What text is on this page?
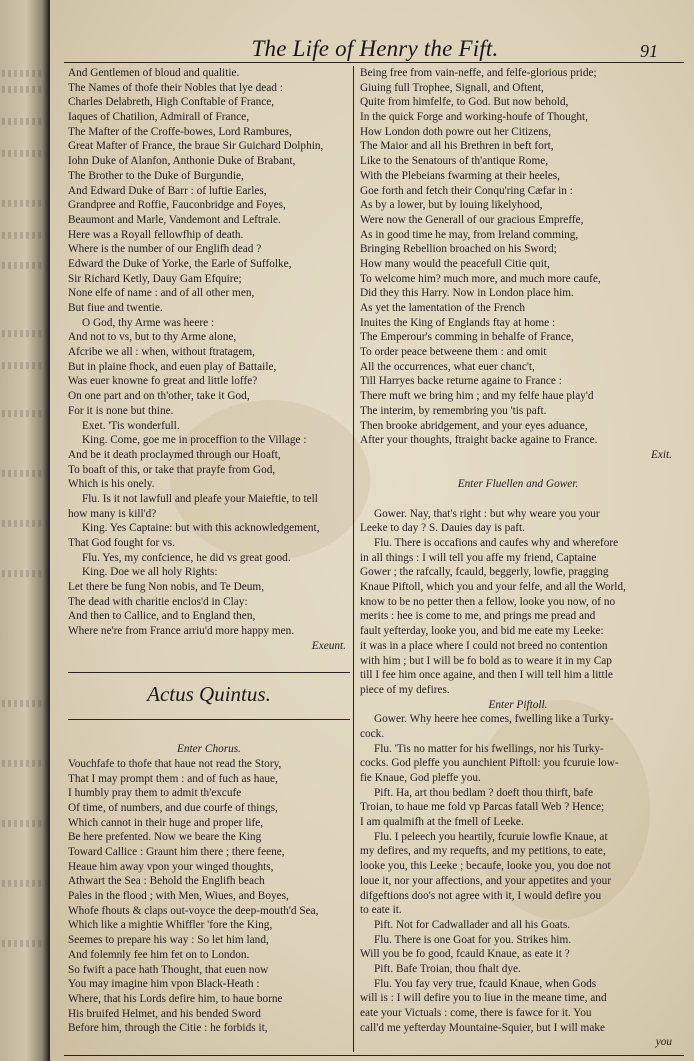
The Life of Henry the Fift.	91
And Gentlemen of bloud and qualitie.
The Names of thofe their Nobles that lye dead :
Charles Delabreth, High Conftable of France,
Iaques of Chatilion, Admirall of France,
The Mafter of the Croffe-bowes, Lord Rambures,
Great Mafter of France, the braue Sir Guichard Dolphin,
Iohn Duke of Alanfon, Anthonie Duke of Brabant,
The Brother to the Duke of Burgundie,
And Edward Duke of Barr : of luftie Earles,
Grandpree and Roffie, Fauconbridge and Foyes,
Beaumont and Marle, Vandemont and Leftrale.
Here was a Royall fellowfhip of death.
Where is the number of our Englifh dead ?
Edward the Duke of Yorke, the Earle of Suffolke,
Sir Richard Ketly, Dauy Gam Efquire;
None elfe of name : and of all other men,
But fiue and twentie.
O God, thy Arme was heere :
And not to vs, but to thy Arme alone,
Afcribe we all : when, without ftratagem,
But in plaine fhock, and euen play of Battaile,
Was euer knowne fo great and little loffe?
On one part and on th'other, take it God,
For it is none but thine.
Exet. 'Tis wonderfull.
King. Come, goe me in proceffion to the Village :
And be it death proclaymed through our Hoaft,
To boaft of this, or take that prayfe from God,
Which is his onely.
Flu. Is it not lawfull and pleafe your Maieftie, to tell
how many is kill'd?
King. Yes Captaine: but with this acknowledgement,
That God fought for vs.
Flu. Yes, my confcience, he did vs great good.
King. Doe we all holy Rights:
Let there be fung Non nobis, and Te Deum,
The dead with charitie enclos'd in Clay:
And then to Callice, and to England then,
Where ne're from France arriu'd more happy men.
Exeunt.
Actus Quintus.
Enter Chorus.
Vouchfafe to thofe that haue not read the Story,
That I may prompt them : and of fuch as haue,
I humbly pray them to admit th'excufe
Of time, of numbers, and due courfe of things,
Which cannot in their huge and proper life,
Be here prefented. Now we beare the King
Toward Callice : Graunt him there ; there feene,
Heaue him away vpon your winged thoughts,
Athwart the Sea : Behold the Englifh beach
Pales in the flood ; with Men, Wiues, and Boyes,
Whofe fhouts & claps out-voyce the deep-mouth'd Sea,
Which like a mightie Whiffler 'fore the King,
Seemes to prepare his way : So let him land,
And folemnly fee him fet on to London.
So fwift a pace hath Thought, that euen now
You may imagine him vpon Black-Heath :
Where, that his Lords defire him, to haue borne
His bruifed Helmet, and his bended Sword
Before him, through the Citie : he forbids it,
Being free from vain-neffe, and felfe-glorious pride;
Giuing full Trophee, Signall, and Oftent,
Quite from himfelfe, to God. But now behold,
In the quick Forge and working-houfe of Thought,
How London doth powre out her Citizens,
The Maior and all his Brethren in beft fort,
Like to the Senatours of th'antique Rome,
With the Plebeians fwarming at their heeles,
Goe forth and fetch their Conqu'ring Cæfar in :
As by a lower, but by louing likelyhood,
Were now the Generall of our gracious Empreffe,
As in good time he may, from Ireland comming,
Bringing Rebellion broached on his Sword;
How many would the peacefull Citie quit,
To welcome him? much more, and much more caufe,
Did they this Harry. Now in London place him.
As yet the lamentation of the French
Inuites the King of Englands ftay at home :
The Emperour's comming in behalfe of France,
To order peace betweene them : and omit
All the occurrences, what euer chanc't,
Till Harryes backe returne againe to France :
There muft we bring him ; and my felfe haue play'd
The interim, by remembring you 'tis paft.
Then brooke abridgement, and your eyes aduance,
After your thoughts, ftraight backe againe to France.
Exit.
Enter Fluellen and Gower.
Gower. Nay, that's right : but why weare you your
Leeke to day ? S. Dauies day is paft.
Flu. There is occafions and caufes why and wherefore
in all things : I will tell you affe my friend, Captaine
Gower ; the rafcally, fcauld, beggerly, lowfie, pragging
Knaue Piftoll, which you and your felfe, and all the World,
know to be no petter then a fellow, looke you now, of no
merits : hee is come to me, and prings me pread and
fault yefterday, looke you, and bid me eate my Leeke:
it was in a place where I could not breed no contention
with him ; but I will be fo bold as to weare it in my Cap
till I fee him once againe, and then I will tell him a little
piece of my defires.
Enter Piftoll.
Gower. Why heere hee comes, fwelling like a Turky-
cock.
Flu. 'Tis no matter for his fwellings, nor his Turky-
cocks. God pleffe you aunchient Piftoll: you fcuruie low-
fie Knaue, God pleffe you.
Pift. Ha, art thou bedlam ? doeft thou thirft, bafe
Troian, to haue me fold vp Parcas fatall Web ? Hence;
I am qualmifh at the fmell of Leeke.
Flu. I peleech you heartily, fcuruie lowfie Knaue, at
my defires, and my requefts, and my petitions, to eate,
looke you, this Leeke ; becaufe, looke you, you doe not
loue it, nor your affections, and your appetites and your
difgeftions doo's not agree with it, I would defire you
to eate it.
Pift. Not for Cadwallader and all his Goats.
Flu. There is one Goat for you. Strikes him.
Will you be fo good, fcauld Knaue, as eate it ?
Pift. Bafe Troian, thou fhalt dye.
Flu. You fay very true, fcauld Knaue, when Gods
will is : I will defire you to liue in the meane time, and
eate your Victuals : come, there is fawce for it. You
call'd me yefterday Mountaine-Squier, but I will make
you
